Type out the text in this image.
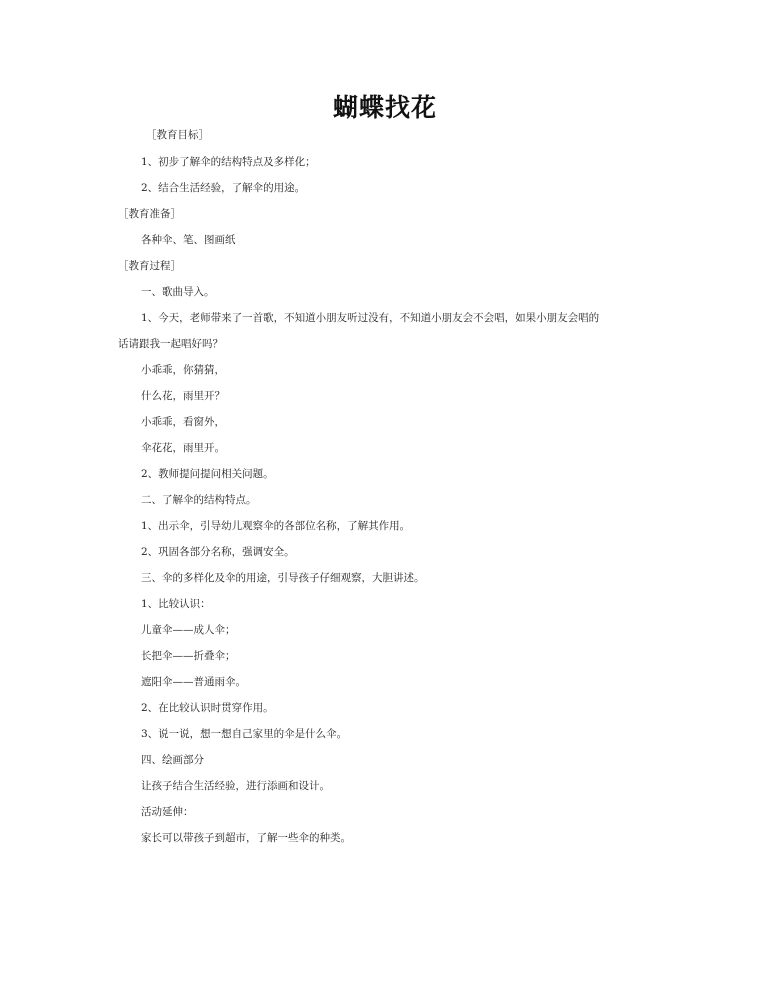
蝴蝶找花

［教育目标］

1、初步了解伞的结构特点及多样化；

2、结合生活经验，了解伞的用途。

［教育准备］

各种伞、笔、图画纸

［教育过程］

一、歌曲导入。

1、今天，老师带来了一首歌，不知道小朋友听过没有，不知道小朋友会不会唱，如果小朋友会唱的

话请跟我一起唱好吗？

小乖乖，你猜猜，

什么花，雨里开？

小乖乖，看窗外，

伞花花，雨里开。

2、教师提问提问相关问题。

二、了解伞的结构特点。

1、出示伞，引导幼儿观察伞的各部位名称，了解其作用。

2、巩固各部分名称，强调安全。

三、伞的多样化及伞的用途，引导孩子仔细观察，大胆讲述。

1、比较认识：

儿童伞——成人伞；

长把伞——折叠伞；

遮阳伞——普通雨伞。

2、在比较认识时贯穿作用。

3、说一说，想一想自己家里的伞是什么伞。

四、绘画部分

让孩子结合生活经验，进行添画和设计。

活动延伸：

家长可以带孩子到超市，了解一些伞的种类。
